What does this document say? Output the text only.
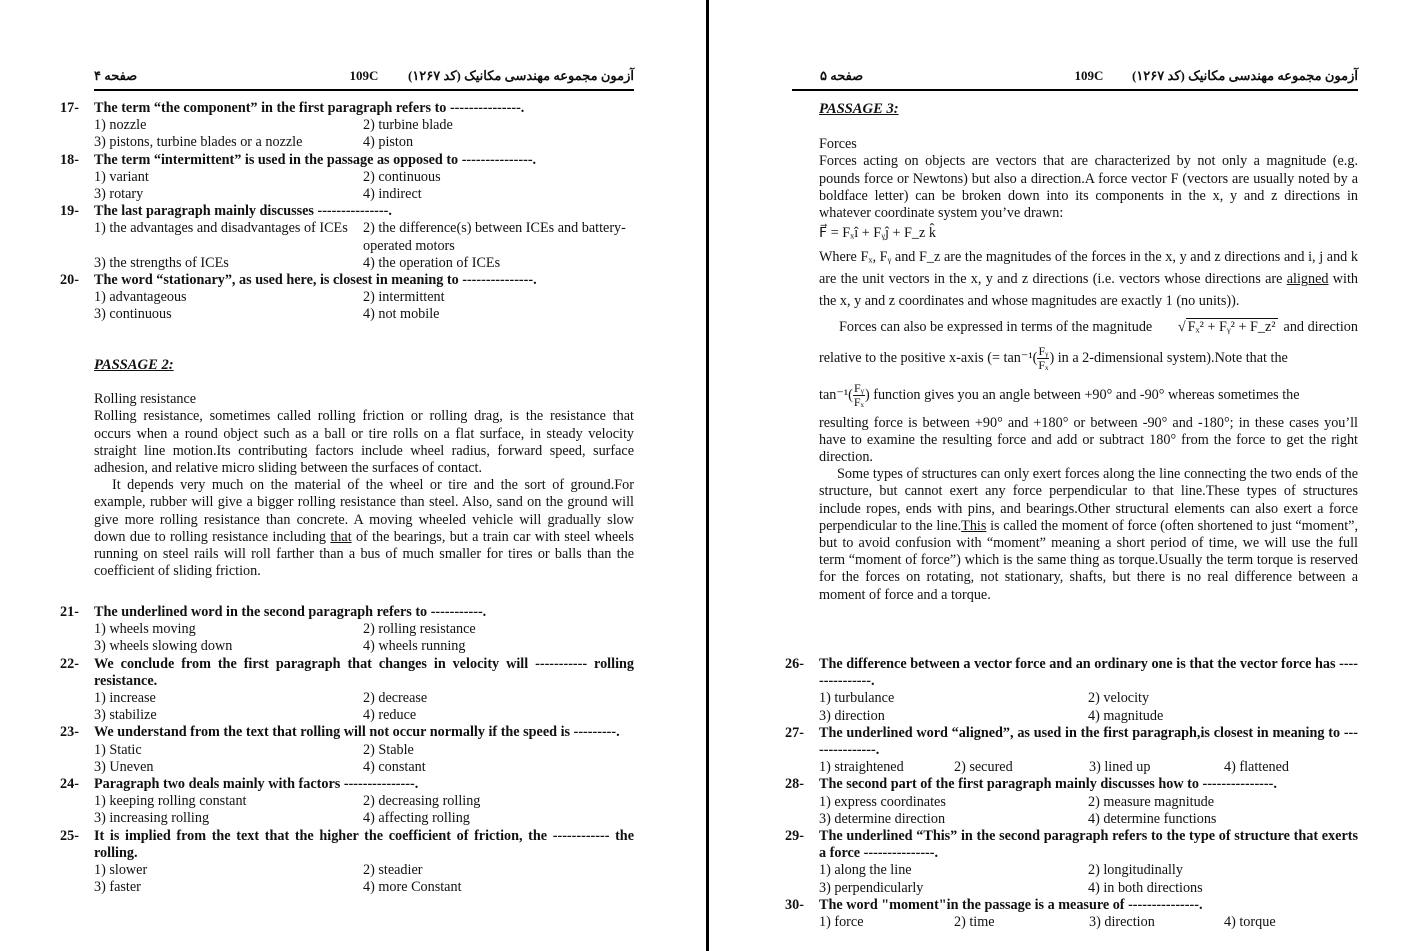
آزمون مجموعه مهندسی مکانیک (کد ۱۲۶۷)
109C
صفحه ۴
17- The term “the component” in the first paragraph refers to ---------------.
1) nozzle	2) turbine blade
3) pistons, turbine blades or a nozzle	4) piston
18- The term “intermittent” is used in the passage as opposed to ---------------.
1) variant	2) continuous
3) rotary	4) indirect
19- The last paragraph mainly discusses ---------------.
1) the advantages and disadvantages of ICEs	2) the difference(s) between ICEs and battery-operated motors
3) the strengths of ICEs	4) the operation of ICEs
20- The word “stationary”, as used here, is closest in meaning to ---------------.
1) advantageous	2) intermittent
3) continuous	4) not mobile
PASSAGE 2:
Rolling resistance
Rolling resistance, sometimes called rolling friction or rolling drag, is the resistance that occurs when a round object such as a ball or tire rolls on a flat surface, in steady velocity straight line motion.Its contributing factors include wheel radius, forward speed, surface adhesion, and relative micro sliding between the surfaces of contact.
It depends very much on the material of the wheel or tire and the sort of ground.For example, rubber will give a bigger rolling resistance than steel. Also, sand on the ground will give more rolling resistance than concrete. A moving wheeled vehicle will gradually slow down due to rolling resistance including that of the bearings, but a train car with steel wheels running on steel rails will roll farther than a bus of much smaller for tires or balls than the coefficient of sliding friction.
21- The underlined word in the second paragraph refers to -----------.
1) wheels moving	2) rolling resistance
3) wheels slowing down	4) wheels running
22- We conclude from the first paragraph that changes in velocity will ----------- rolling resistance.
1) increase	2) decrease
3) stabilize	4) reduce
23- We understand from the text that rolling will not occur normally if the speed is ---------.
1) Static	2) Stable
3) Uneven	4) constant
24- Paragraph two deals mainly with factors ---------------.
1) keeping rolling constant	2) decreasing rolling
3) increasing rolling	4) affecting rolling
25- It is implied from the text that the higher the coefficient of friction, the ------------ the rolling.
1) slower	2) steadier
3) faster	4) more Constant
آزمون مجموعه مهندسی مکانیک (کد ۱۲۶۷)
109C
صفحه ۵
PASSAGE 3:
Forces
Forces acting on objects are vectors that are characterized by not only a magnitude (e.g. pounds force or Newtons) but also a direction.A force vector F (vectors are usually noted by a boldface letter) can be broken down into its components in the x, y and z directions in whatever coordinate system you’ve drawn:
F⃗ = Fₓî + Fᵧĵ + F_z k̂
Where Fₓ, Fᵧ and F_z are the magnitudes of the forces in the x, y and z directions and i, j and k are the unit vectors in the x, y and z directions (i.e. vectors whose directions are aligned with the x, y and z coordinates and whose magnitudes are exactly 1 (no units)).
Forces can also be expressed in terms of the magnitude √ Fₓ² + Fᵧ² + F_z² and direction
relative to the positive x-axis (= $\tan^{-1}( \frac{\text{Fᵧ}}{\text{Fₓ}}$ ) in a 2-dimensional system).Note that the
$\tan^{-1}( \frac{\text{Fᵧ}}{\text{Fₓ}}$ ) function gives you an angle between +90° and -90° whereas sometimes the
resulting force is between +90° and +180° or between -90° and -180°; in these cases you’ll have to examine the resulting force and add or subtract 180° from the force to get the right direction.
Some types of structures can only exert forces along the line connecting the two ends of the structure, but cannot exert any force perpendicular to that line.These types of structures include ropes, ends with pins, and bearings.Other structural elements can also exert a force perpendicular to the line.This is called the moment of force (often shortened to just “moment”, but to avoid confusion with “moment” meaning a short period of time, we will use the full term “moment of force”) which is the same thing as torque.Usually the term torque is reserved for the forces on rotating, not stationary, shafts, but there is no real difference between a moment of force and a torque.
26- The difference between a vector force and an ordinary one is that the vector force has ---------------.
1) turbulance	2) velocity
3) direction	4) magnitude
27- The underlined word “aligned”, as used in the first paragraph,is closest in meaning to ---------------.
1) straightened	2) secured	3) lined up	4) flattened
28- The second part of the first paragraph mainly discusses how to ---------------.
1) express coordinates	2) measure magnitude
3) determine direction	4) determine functions
29- The underlined “This” in the second paragraph refers to the type of structure that exerts a force ---------------.
1) along the line	2) longitudinally
3) perpendicularly	4) in both directions
30- The word "moment"in the passage is a measure of ---------------.
1) force	2) time	3) direction	4) torque
